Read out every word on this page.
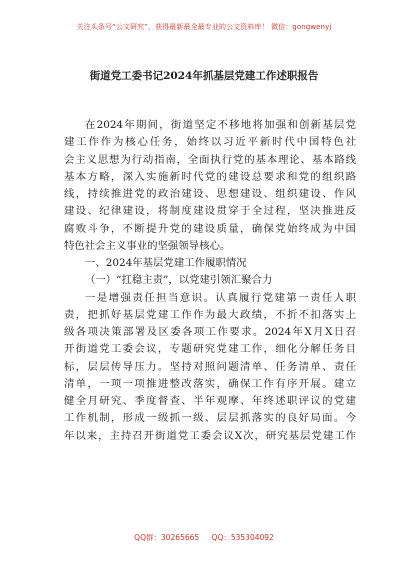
关注头条号“公文研究”，获得最新最全最专业的公文资料库！ 微信：gongwenyj
街道党工委书记2024年抓基层党建工作述职报告
在2024年期间，街道坚定不移地将加强和创新基层党
建工作作为核心任务，始终以习近平新时代中国特色社
会主义思想为行动指南，全面执行党的基本理论、基本路线
基本方略，深入实施新时代党的建设总要求和党的组织路
线，持续推进党的政治建设、思想建设、组织建设、作风
建设、纪律建设，将制度建设贯穿于全过程，坚决推进反
腐败斗争，不断提升党的建设质量，确保党始终成为中国
特色社会主义事业的坚强领导核心。
一、2024年基层党建工作履职情况
（一）“扛稳主责”，以党建引领汇聚合力
一是增强责任担当意识。认真履行党建第一责任人职
责，把抓好基层党建工作作为最大政绩，不折不扣落实上
级各项决策部署及区委各项工作要求。2024年X月X日召
开街道党工委会议，专题研究党建工作，细化分解任务目
标，层层传导压力。坚持对照问题清单、任务清单、责任
清单，一项一项推进整改落实，确保工作有序开展。建立
健全月研究、季度督查、半年观摩、年终述职评议的党建
工作机制，形成一级抓一级、层层抓落实的良好局面。今
年以来，主持召开街道党工委会议X次，研究基层党建工作
QQ群：30265665 QQ：535304092
